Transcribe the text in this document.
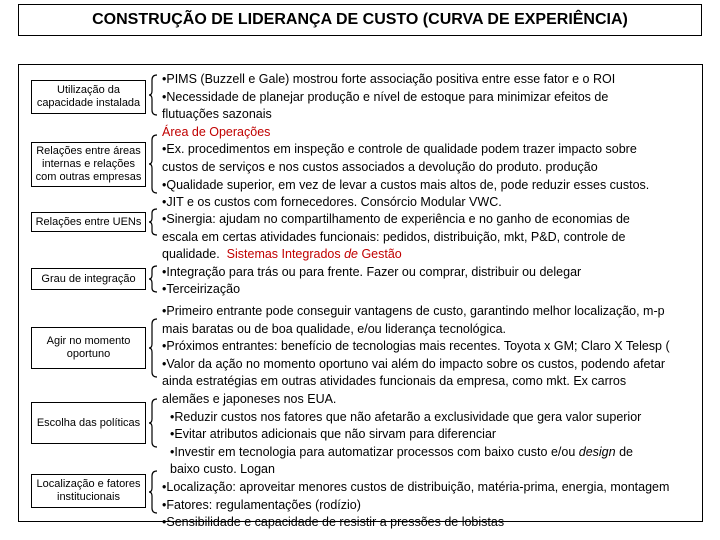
CONSTRUÇÃO DE LIDERANÇA DE CUSTO (CURVA DE EXPERIÊNCIA)
Utilização da capacidade instalada
Relações entre áreas internas e relações com outras empresas
Relações entre UENs
Grau de integração
Agir no momento oportuno
Escolha das políticas
Localização e fatores institucionais
•PIMS (Buzzell e Gale) mostrou forte associação positiva entre esse fator e o ROI
•Necessidade de planejar produção e nível de estoque para minimizar efeitos de
flutuações sazonais
Área de Operações
•Ex. procedimentos em inspeção e controle de qualidade podem trazer impacto sobre
custos de serviços e nos custos associados a devolução do produto. produção
•Qualidade superior, em vez de levar a custos mais altos de, pode reduzir esses custos.
•JIT e os custos com fornecedores. Consórcio Modular VWC.
•Sinergia: ajudam no compartilhamento de experiência e no ganho de economias de
escala em certas atividades funcionais: pedidos, distribuição, mkt, P&D, controle de
qualidade. Sistemas Integrados de Gestão
•Integração para trás ou para frente. Fazer ou comprar, distribuir ou delegar
•Terceirização
•Primeiro entrante pode conseguir vantagens de custo, garantindo melhor localização, m-p
mais baratas ou de boa qualidade, e/ou liderança tecnológica.
•Próximos entrantes: benefício de tecnologias mais recentes. Toyota x GM; Claro X Telesp (
•Valor da ação no momento oportuno vai além do impacto sobre os custos, podendo afetar
ainda estratégias em outras atividades funcionais da empresa, como mkt. Ex carros
alemães e japoneses nos EUA.
•Reduzir custos nos fatores que não afetarão a exclusividade que gera valor superior
•Evitar atributos adicionais que não sirvam para diferenciar
•Investir em tecnologia para automatizar processos com baixo custo e/ou design de
baixo custo. Logan
•Localização: aproveitar menores custos de distribuição, matéria-prima, energia, montagem
•Fatores: regulamentações (rodízio)
•Sensibilidade e capacidade de resistir a pressões de lobistas
